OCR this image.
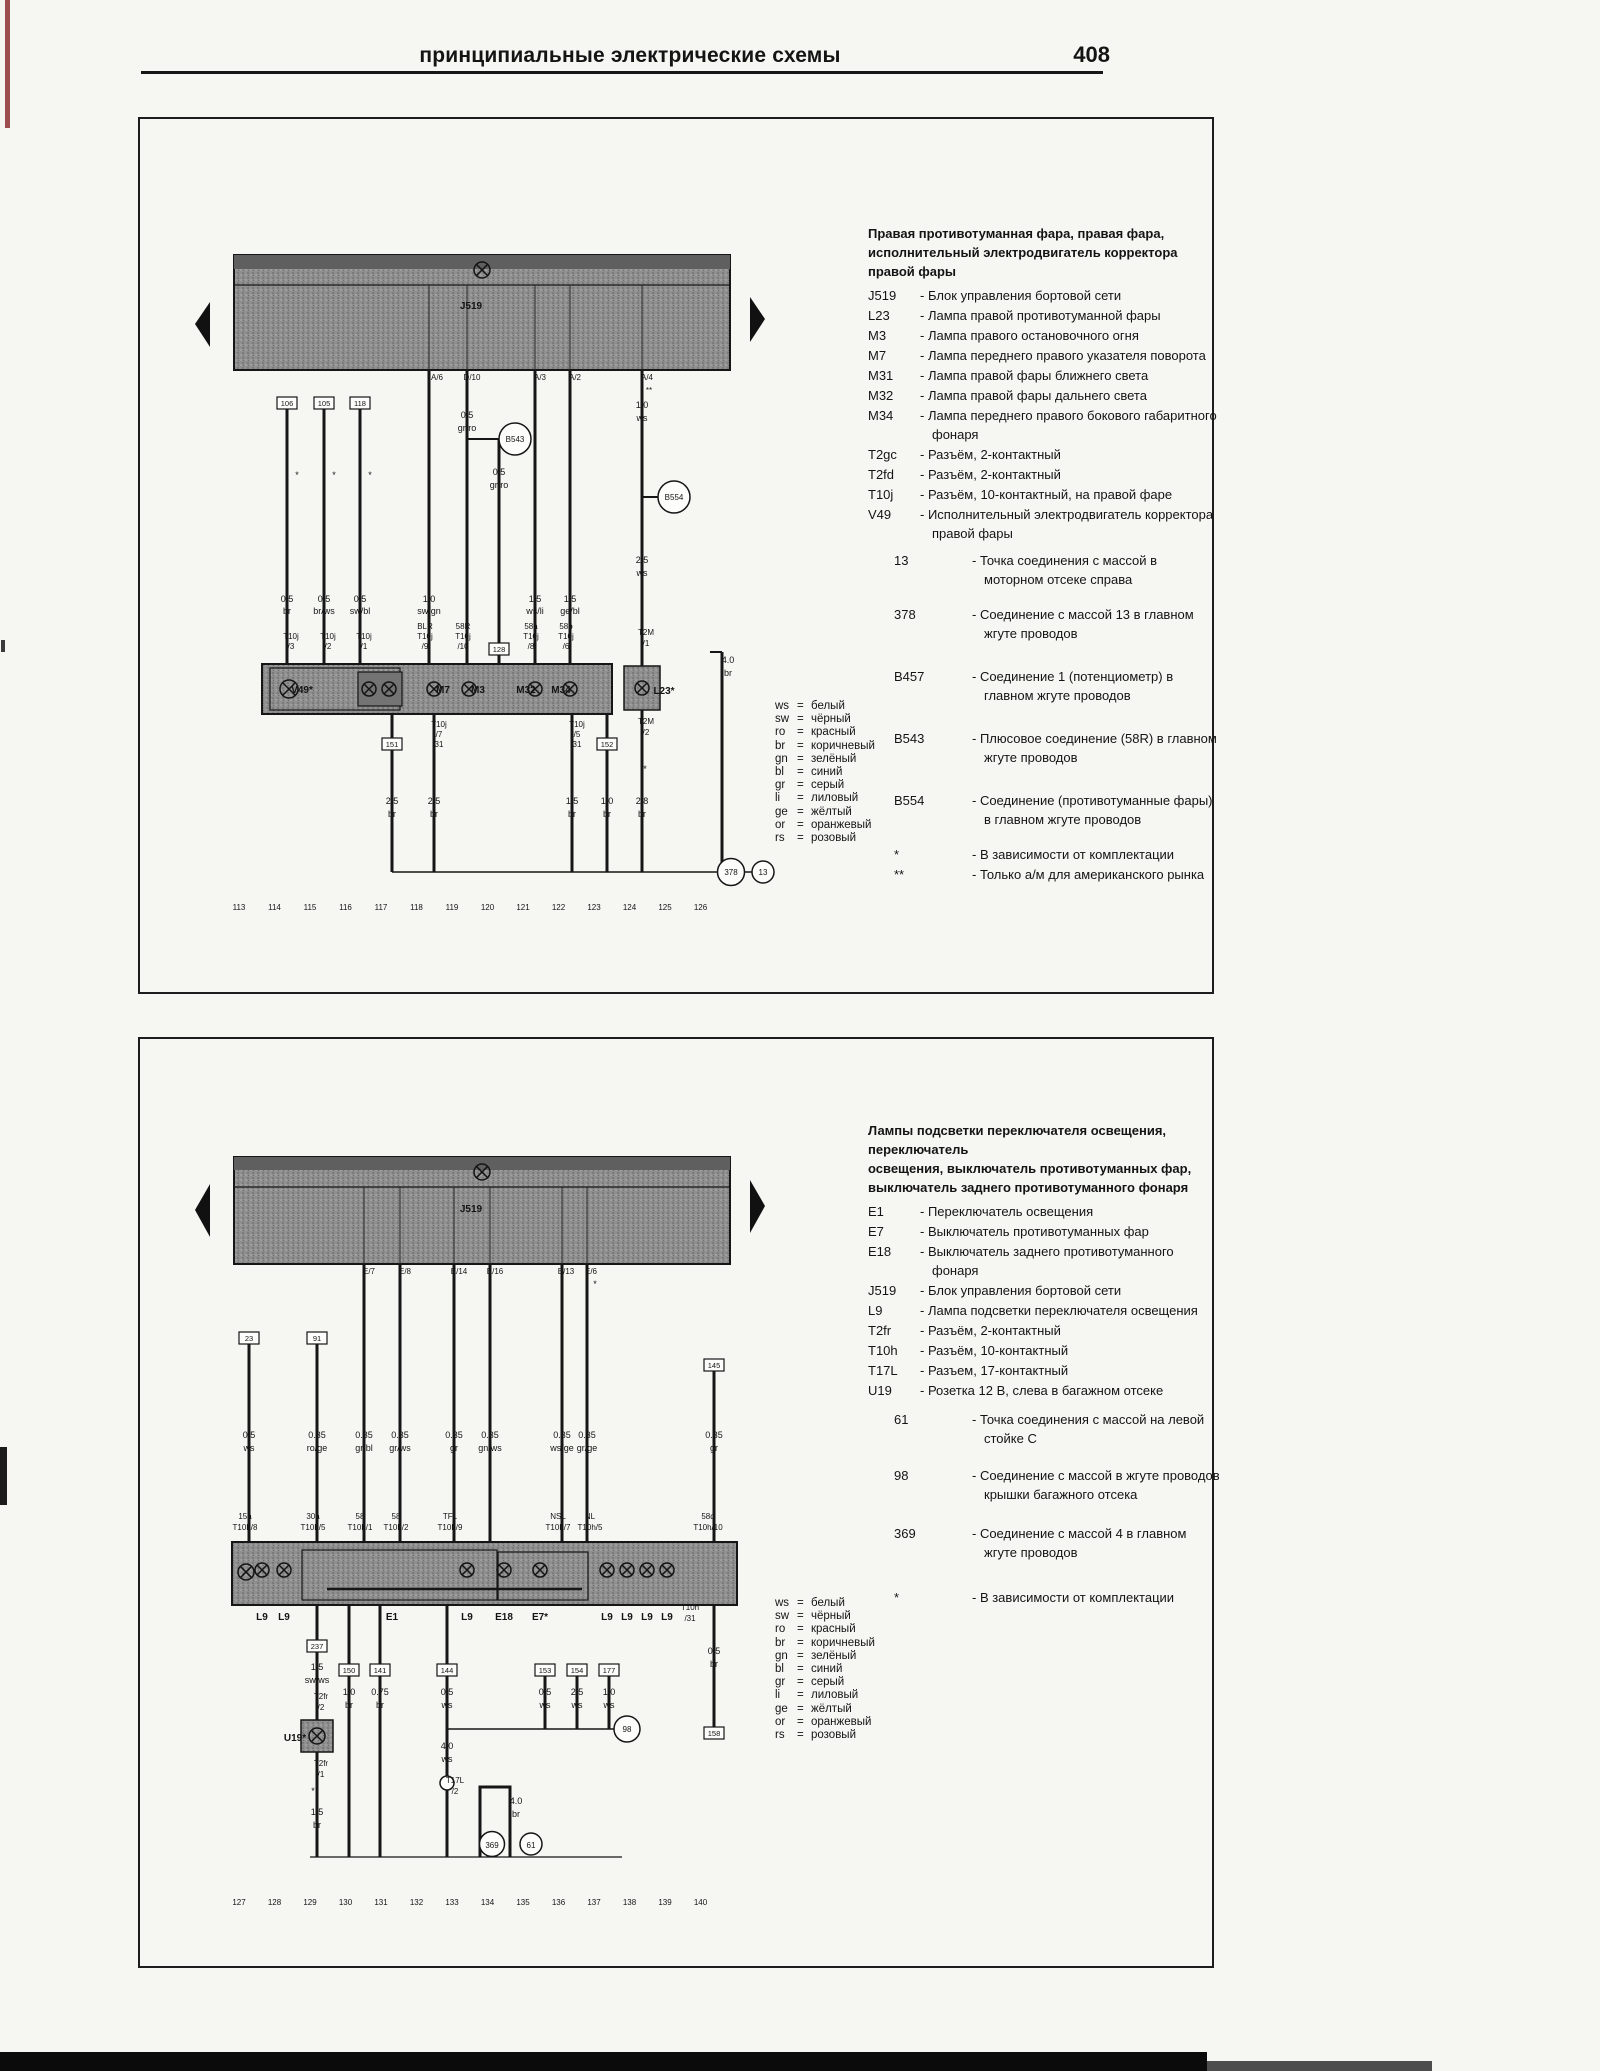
принципиальные электрические схемы	408
J519
A/6	D/10	A/3	A/2	A/4
**
106	105	118
*	*	*
0.5
br
0.5
br/ws
0.5
sw/bl
1.0
sw/gn
0.5
gr/ro
0.5
gr/ro
1.5
ws/li
1.5
ge/bl
1.0
ws
2.5
ws
B543
B554
T10j
/3
T10j
/2
T10j
/1
BLR
T10j
/9
58R
T10j
/10
58a
T10j
/8
58b
T10j
/6
128
T2M
/1
L23*
T2M
/2
*
2.8
br
V49*	M7 M3	M32 M34
T10j
/7
31
T10j
/5
31
151	152
2.5
br
2.5
br
1.5
br
1.0
br
4.0
br
378	13
113	114	115	116	117	118	119	120	121	122	123	124	125	126
Правая противотуманная фара, правая фара,
исполнительный электродвигатель корректора правой фары
J519	- Блок управления бортовой сети
L23	- Лампа правой противотуманной фары
M3	- Лампа правого остановочного огня
M7	- Лампа переднего правого указателя поворота
M31	- Лампа правой фары ближнего света
M32	- Лампа правой фары дальнего света
M34	- Лампа переднего правого бокового габаритного фонаря
T2gc	- Разъём, 2-контактный
T2fd	- Разъём, 2-контактный
T10j	- Разъём, 10-контактный, на правой фаре
V49	- Исполнительный электродвигатель корректора правой фары
13	- Точка соединения с массой в моторном отсеке справа
378	- Соединение с массой 13 в главном жгуте проводов
B457	- Соединение 1 (потенциометр) в главном жгуте проводов
B543	- Плюсовое соединение (58R) в главном жгуте проводов
B554	- Соединение (противотуманные фары) в главном жгуте проводов
*	- В зависимости от комплектации
**	- Только а/м для американского рынка
ws = белый
sw = чёрный
ro	= красный
br	= коричневый
gn = зелёный
bl	= синий
gr	= серый
li	= лиловый
ge = жёлтый
or	= оранжевый
rs	= розовый
J519
E/7	E/8	E/14 E/16	E/13 E/6
*
23	91
145
0.5
ws
0.35
ro/ge
0.35
gr/bl
0.35
gr/ws
0.35
gr
0.35
gn/ws
0.35
ws/ge
0.35
gr/ge
0.35
gr
15a
T10h/8
30a
T10h/5
58
T10h/1
58
T10h/2
TFL
T10h/9
NSL
T10h/7
NL
T10h/5
58d
T10h/10
L9 L9	E1	L9 E18 E7*	L9 L9 L9 L9
T10h
/31
237
1.5
sw/ws
T2fr
/2
U19*
T2fr
/1
*
1.5
br
150
1.0
br
141
0.75
br
144
0.5
ws
153
0.5
ws
154
2.5
ws
177
1.0
ws
98
4.0
ws
T17L
/2
4.0
br
369	61
0.5
br
158
127	128	129	130	131	132	133	134	135	136	137	138	139	140
Лампы подсветки переключателя освещения, переключатель
освещения, выключатель противотуманных фар,
выключатель заднего противотуманного фонаря
E1	- Переключатель освещения
E7	- Выключатель противотуманных фар
E18	- Выключатель заднего противотуманного фонаря
J519	- Блок управления бортовой сети
L9	- Лампа подсветки переключателя освещения
T2fr	- Разъём, 2-контактный
T10h	- Разъём, 10-контактный
T17L	- Разъем, 17-контактный
U19	- Розетка 12 В, слева в багажном отсеке
61	- Точка соединения с массой на левой стойке C
98	- Соединение с массой в жгуте проводов крышки багажного отсека
369	- Соединение с массой 4 в главном жгуте проводов
*	- В зависимости от комплектации
ws = белый
sw = чёрный
ro	= красный
br	= коричневый
gn = зелёный
bl	= синий
gr	= серый
li	= лиловый
ge = жёлтый
or	= оранжевый
rs	= розовый
